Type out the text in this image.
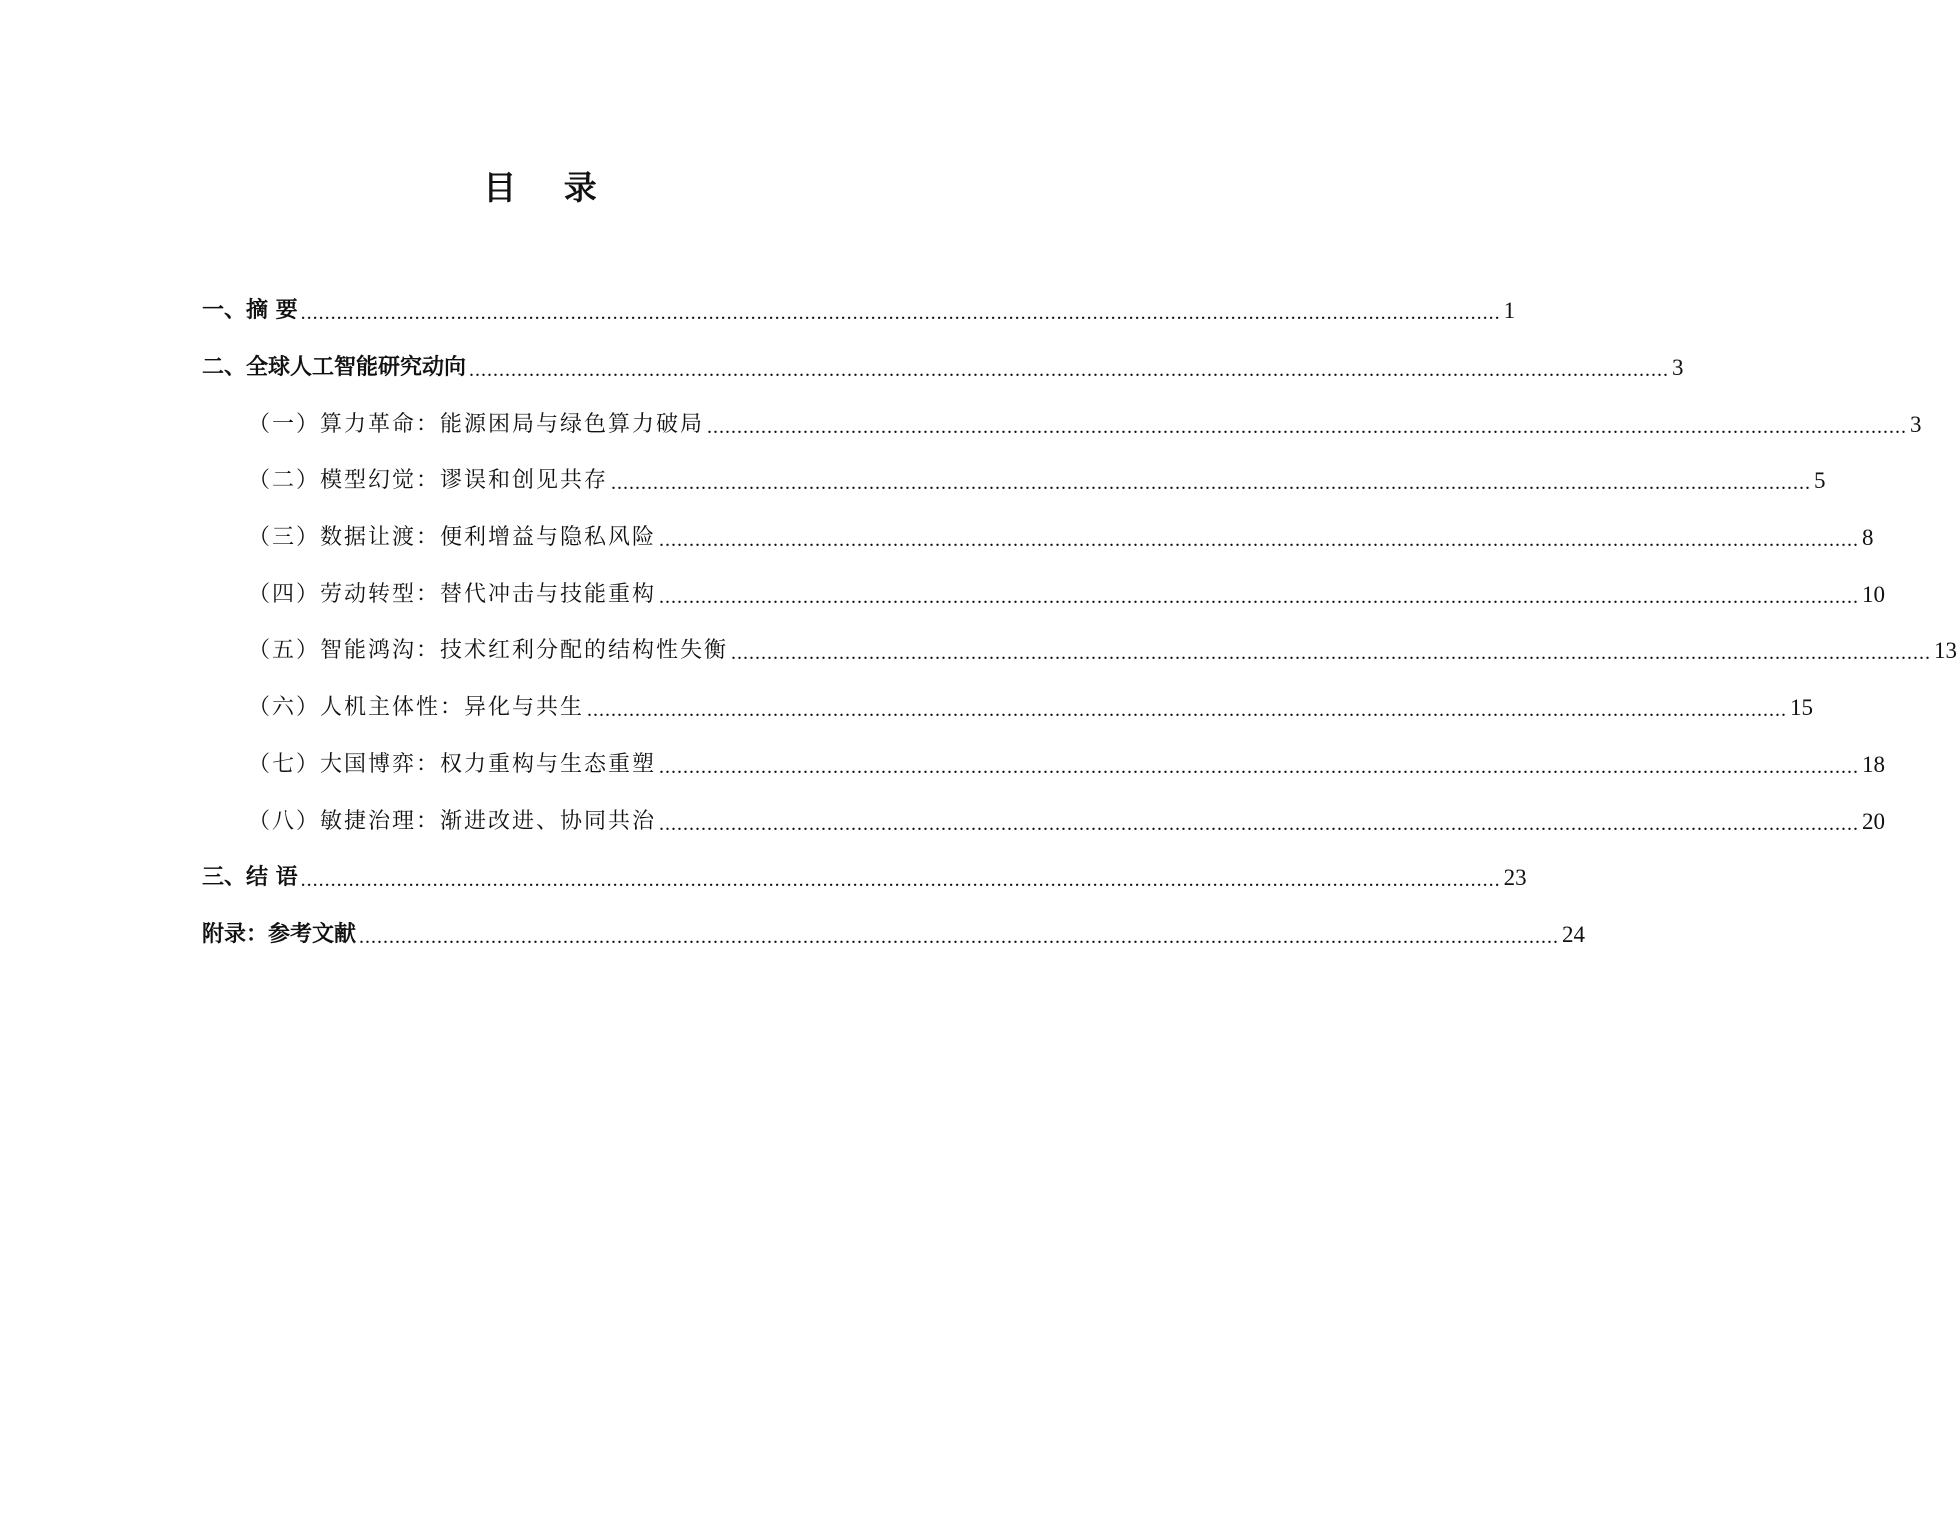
目 录
一、摘 要 ........................................................................................................................................................................................................ 1
二、全球人工智能研究动向 ........................................................................................................................................................................................................ 3
（一）算力革命：能源困局与绿色算力破局 ........................................................................................................................................................................................................ 3
（二）模型幻觉：谬误和创见共存 ........................................................................................................................................................................................................ 5
（三）数据让渡：便利增益与隐私风险 ........................................................................................................................................................................................................ 8
（四）劳动转型：替代冲击与技能重构 ........................................................................................................................................................................................................ 10
（五）智能鸿沟：技术红利分配的结构性失衡 ........................................................................................................................................................................................................ 13
（六）人机主体性：异化与共生 ........................................................................................................................................................................................................ 15
（七）大国博弈：权力重构与生态重塑 ........................................................................................................................................................................................................ 18
（八）敏捷治理：渐进改进、协同共治 ........................................................................................................................................................................................................ 20
三、结 语 ........................................................................................................................................................................................................ 23
附录：参考文献 ........................................................................................................................................................................................................ 24
